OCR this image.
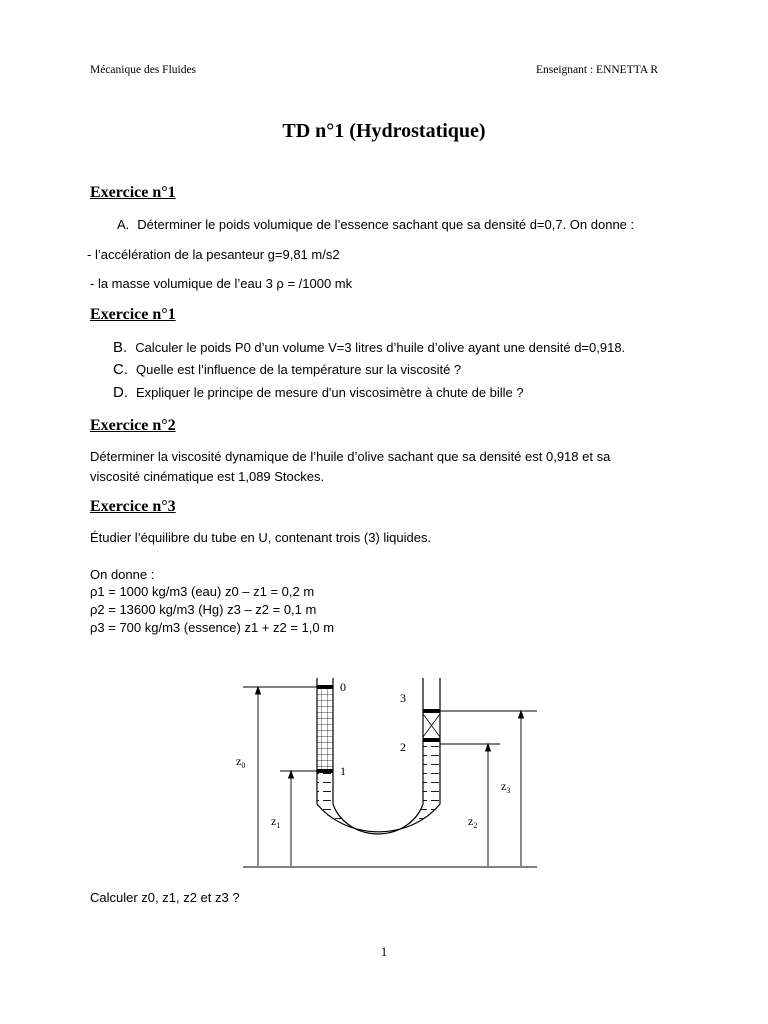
Mécanique des Fluides	Enseignant : ENNETTA R
TD n°1 (Hydrostatique)
Exercice n°1
A. Déterminer le poids volumique de l’essence sachant que sa densité d=0,7. On donne :
- l’accélération de la pesanteur g=9,81 m/s2
- la masse volumique de l’eau 3 ρ = /1000 mk
Exercice n°1
B. Calculer le poids P0 d’un volume V=3 litres d’huile d’olive ayant une densité d=0,918.
C. Quelle est l’influence de la température sur la viscosité ?
D. Expliquer le principe de mesure d'un viscosimètre à chute de bille ?
Exercice n°2
Déterminer la viscosité dynamique de l’huile d’olive sachant que sa densité est 0,918 et sa
viscosité cinématique est 1,089 Stockes.
Exercice n°3
Étudier l’équilibre du tube en U, contenant trois (3) liquides.
On donne :
ρ1 = 1000 kg/m3 (eau) z0 – z1 = 0,2 m
ρ2 = 13600 kg/m3 (Hg) z3 – z2 = 0,1 m
ρ3 = 700 kg/m3 (essence) z1 + z2 = 1,0 m
0
1
3
2
$z_0$
$z_1$	$z_2$
$z_3$
Calculer z0, z1, z2 et z3 ?
1
